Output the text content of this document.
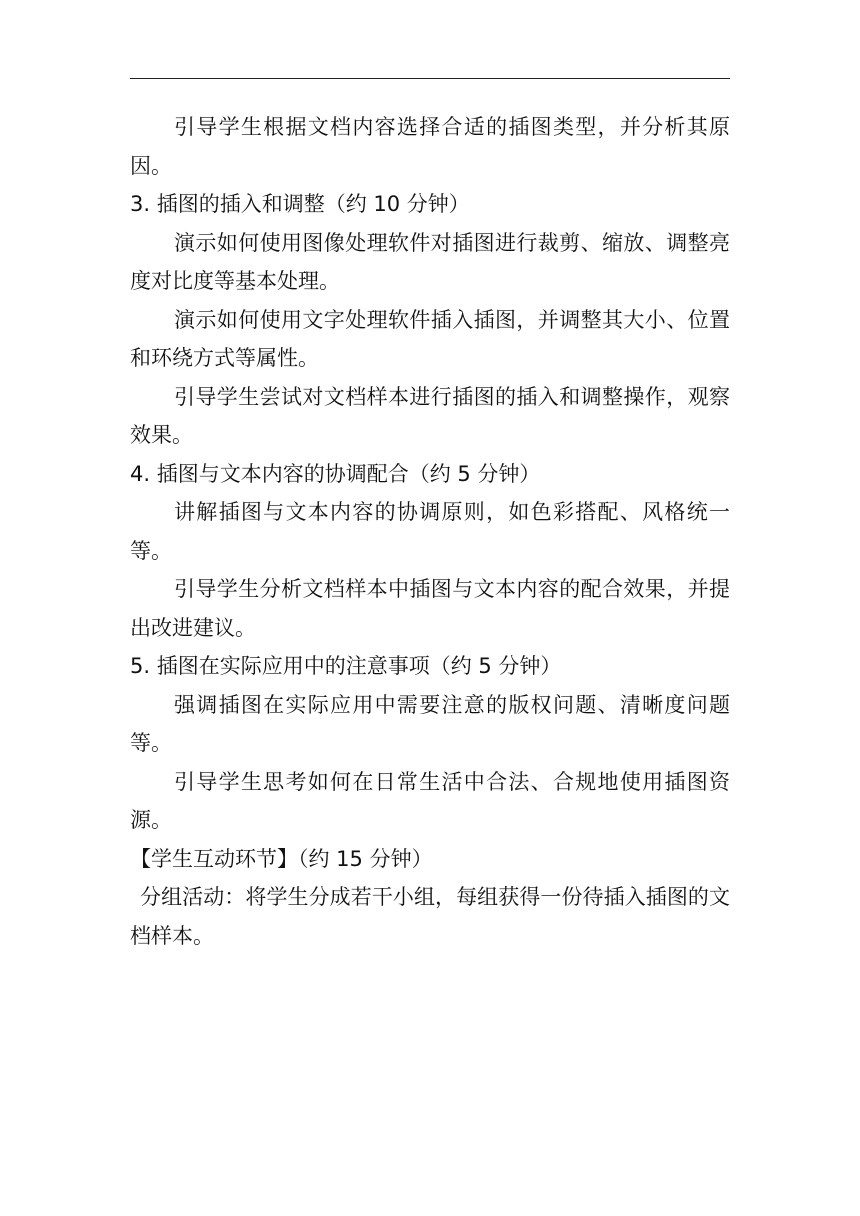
引导学生根据文档内容选择合适的插图类型，并分析其原因。

3. 插图的插入和调整（约 10 分钟）

演示如何使用图像处理软件对插图进行裁剪、缩放、调整亮度对比度等基本处理。

演示如何使用文字处理软件插入插图，并调整其大小、位置和环绕方式等属性。

引导学生尝试对文档样本进行插图的插入和调整操作，观察效果。

4. 插图与文本内容的协调配合（约 5 分钟）

讲解插图与文本内容的协调原则，如色彩搭配、风格统一等。

引导学生分析文档样本中插图与文本内容的配合效果，并提出改进建议。

5. 插图在实际应用中的注意事项（约 5 分钟）

强调插图在实际应用中需要注意的版权问题、清晰度问题等。

引导学生思考如何在日常生活中合法、合规地使用插图资源。

【学生互动环节】（约 15 分钟）

分组活动：将学生分成若干小组，每组获得一份待插入插图的文档样本。
